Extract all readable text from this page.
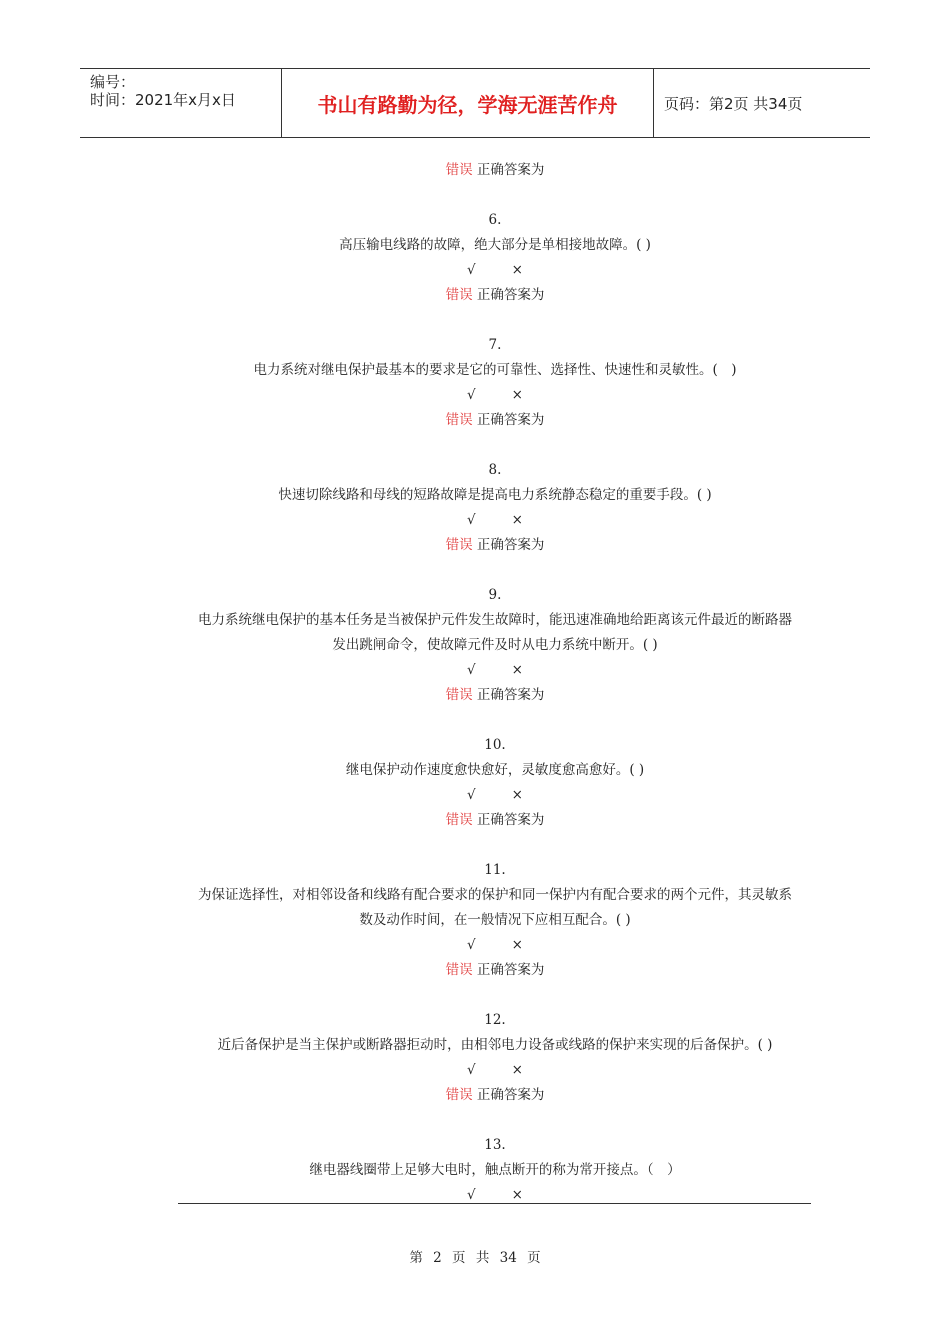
编号：
时间：2021年x月x日	书山有路勤为径，学海无涯苦作舟	页码：第2页 共34页
错误 正确答案为
6.
高压输电线路的故障，绝大部分是单相接地故障。( )
√	×
错误 正确答案为
7.
电力系统对继电保护最基本的要求是它的可靠性、选择性、快速性和灵敏性。(　)
√	×
错误 正确答案为
8.
快速切除线路和母线的短路故障是提高电力系统静态稳定的重要手段。( )
√	×
错误 正确答案为
9.
电力系统继电保护的基本任务是当被保护元件发生故障时，能迅速准确地给距离该元件最近的断路器
发出跳闸命令，使故障元件及时从电力系统中断开。( )
√	×
错误 正确答案为
10.
继电保护动作速度愈快愈好，灵敏度愈高愈好。( )
√	×
错误 正确答案为
11.
为保证选择性，对相邻设备和线路有配合要求的保护和同一保护内有配合要求的两个元件，其灵敏系
数及动作时间，在一般情况下应相互配合。( )
√	×
错误 正确答案为
12.
近后备保护是当主保护或断路器拒动时，由相邻电力设备或线路的保护来实现的后备保护。( )
√	×
错误 正确答案为
13.
继电器线圈带上足够大电时，触点断开的称为常开接点。（　）
√	×
第 2 页 共 34 页
